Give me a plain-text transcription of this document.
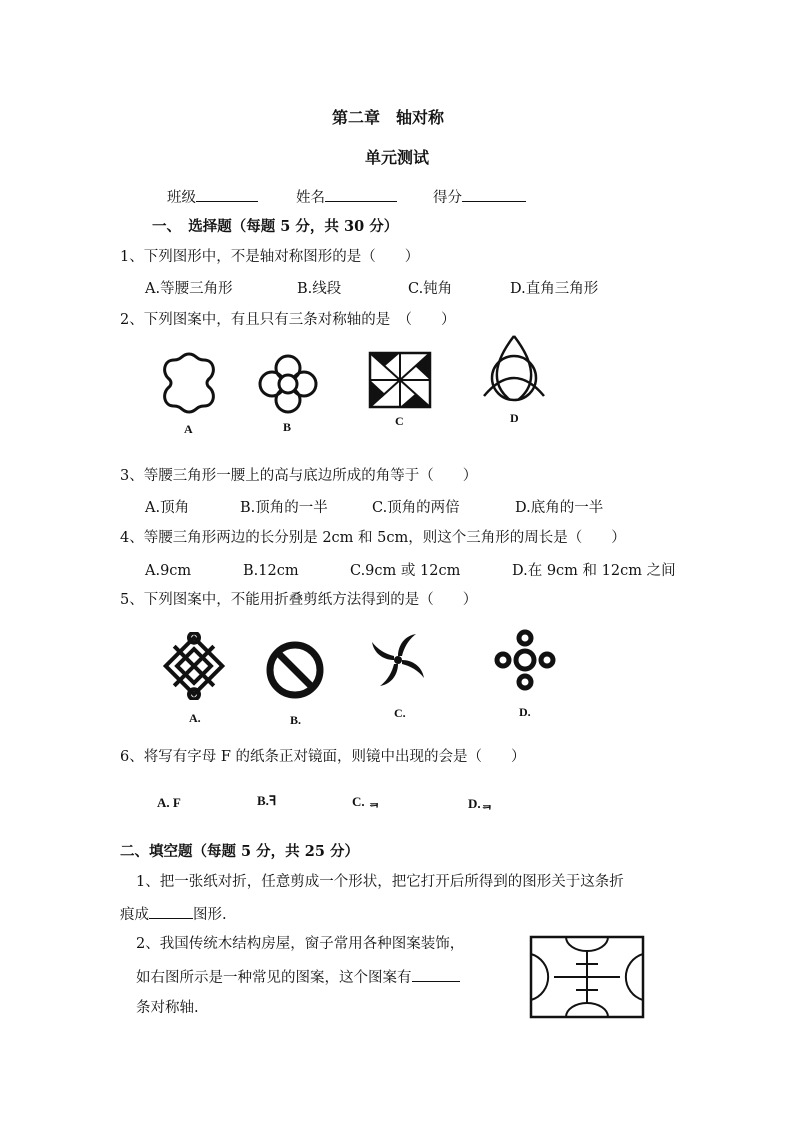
第二章　轴对称
单元测试
班级	姓名	得分
一、　选择题（每题 5 分，共 30 分）
1、下列图形中，不是轴对称图形的是（　　）
A.等腰三角形	B.线段	C.钝角	D.直角三角形
2、下列图案中，有且只有三条对称轴的是　（　　）
A	B	C	D
3、等腰三角形一腰上的高与底边所成的角等于（　　）
A.顶角	B.顶角的一半	C.顶角的两倍	D.底角的一半
4、等腰三角形两边的长分别是 2cm 和 5cm，则这个三角形的周长是（　　）
A.9cm	B.12cm	C.9cm 或 12cm	D.在 9cm 和 12cm 之间
5、下列图案中，不能用折叠剪纸方法得到的是（　　）
A.	B.	C.	D.
6、将写有字母 F 的纸条正对镜面，则镜中出现的会是（　　）
A. F	B.ꟻ	C. ᆿ	D.ᆿ
二、填空题（每题 5 分，共 25 分）
1、把一张纸对折，任意剪成一个形状，把它打开后所得到的图形关于这条折
痕成	图形.
2、我国传统木结构房屋，窗子常用各种图案装饰，
如右图所示是一种常见的图案，这个图案有
条对称轴.
